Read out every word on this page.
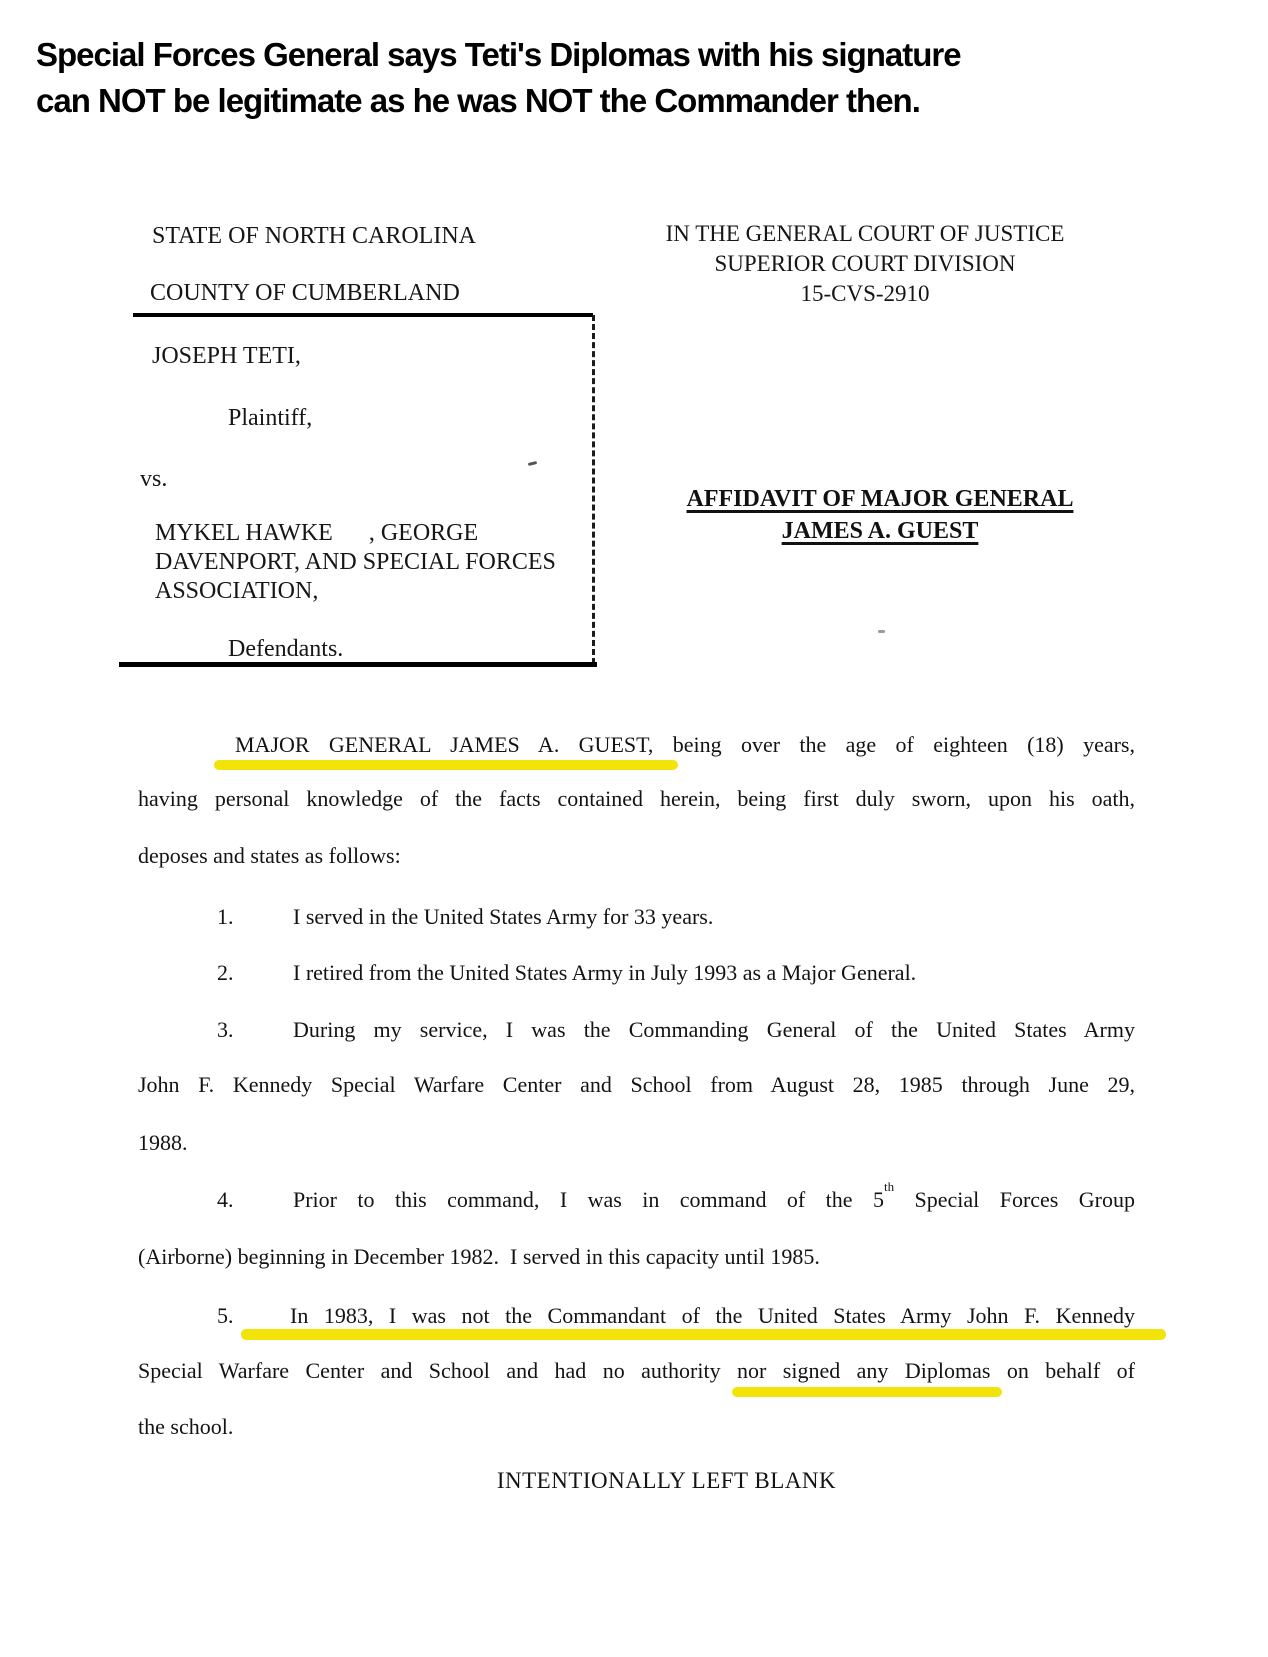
Special Forces General says Teti's Diplomas with his signature
can NOT be legitimate as he was NOT the Commander then.
STATE OF NORTH CAROLINA
COUNTY OF CUMBERLAND
JOSEPH TETI,
Plaintiff,
vs.
MYKEL HAWKE      , GEORGE
DAVENPORT, AND SPECIAL FORCES
ASSOCIATION,
Defendants.
IN THE GENERAL COURT OF JUSTICE
SUPERIOR COURT DIVISION
15-CVS-2910
AFFIDAVIT OF MAJOR GENERAL
JAMES A. GUEST
MAJOR GENERAL JAMES A. GUEST, being over the age of eighteen (18) years,
having personal knowledge of the facts contained herein, being first duly sworn, upon his oath,
deposes and states as follows:
1.	I served in the United States Army for 33 years.
2.	I retired from the United States Army in July 1993 as a Major General.
3.	During my service, I was the Commanding General of the United States Army
John F. Kennedy Special Warfare Center and School from August 28, 1985 through June 29,
1988.
4.	Prior to this command, I was in command of the 5th Special Forces Group
(Airborne) beginning in December 1982.  I served in this capacity until 1985.
5.	In 1983, I was not the Commandant of the United States Army John F. Kennedy
Special Warfare Center and School and had no authority nor signed any Diplomas on behalf of
the school.
INTENTIONALLY LEFT BLANK
